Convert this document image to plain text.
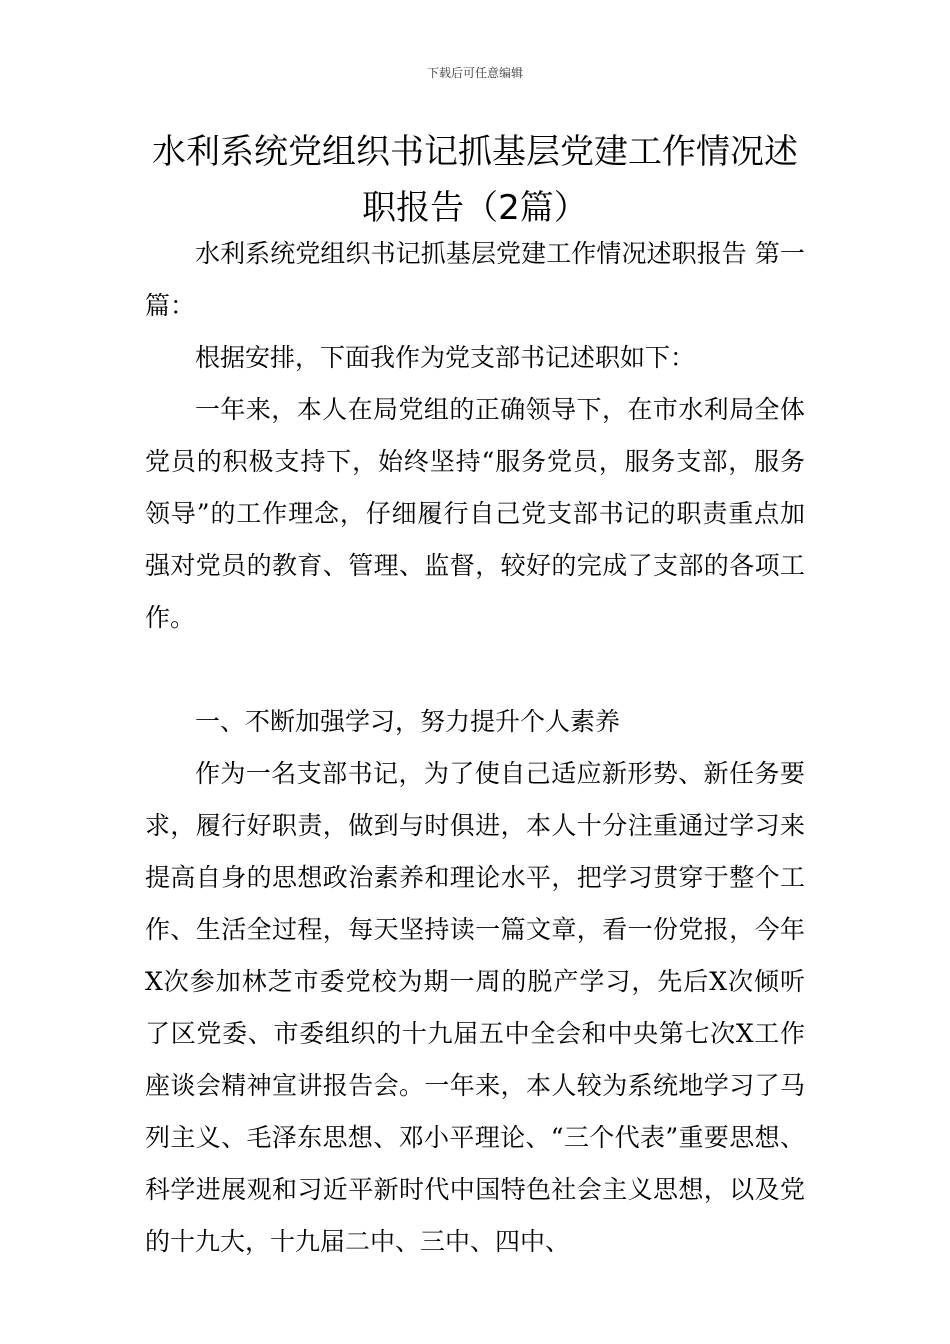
下载后可任意编辑
水利系统党组织书记抓基层党建工作情况述职报告（2篇）

水利系统党组织书记抓基层党建工作情况述职报告 第一篇：

根据安排，下面我作为党支部书记述职如下：

一年来，本人在局党组的正确领导下，在市水利局全体党员的积极支持下，始终坚持“服务党员，服务支部，服务领导”的工作理念，仔细履行自己党支部书记的职责重点加强对党员的教育、管理、监督，较好的完成了支部的各项工作。

一、不断加强学习，努力提升个人素养

作为一名支部书记，为了使自己适应新形势、新任务要求，履行好职责，做到与时俱进，本人十分注重通过学习来提高自身的思想政治素养和理论水平，把学习贯穿于整个工作、生活全过程，每天坚持读一篇文章，看一份党报，今年X次参加林芝市委党校为期一周的脱产学习，先后X次倾听了区党委、市委组织的十九届五中全会和中央第七次X工作座谈会精神宣讲报告会。一年来，本人较为系统地学习了马列主义、毛泽东思想、邓小平理论、“三个代表”重要思想、科学进展观和习近平新时代中国特色社会主义思想，以及党的十九大，十九届二中、三中、四中、
